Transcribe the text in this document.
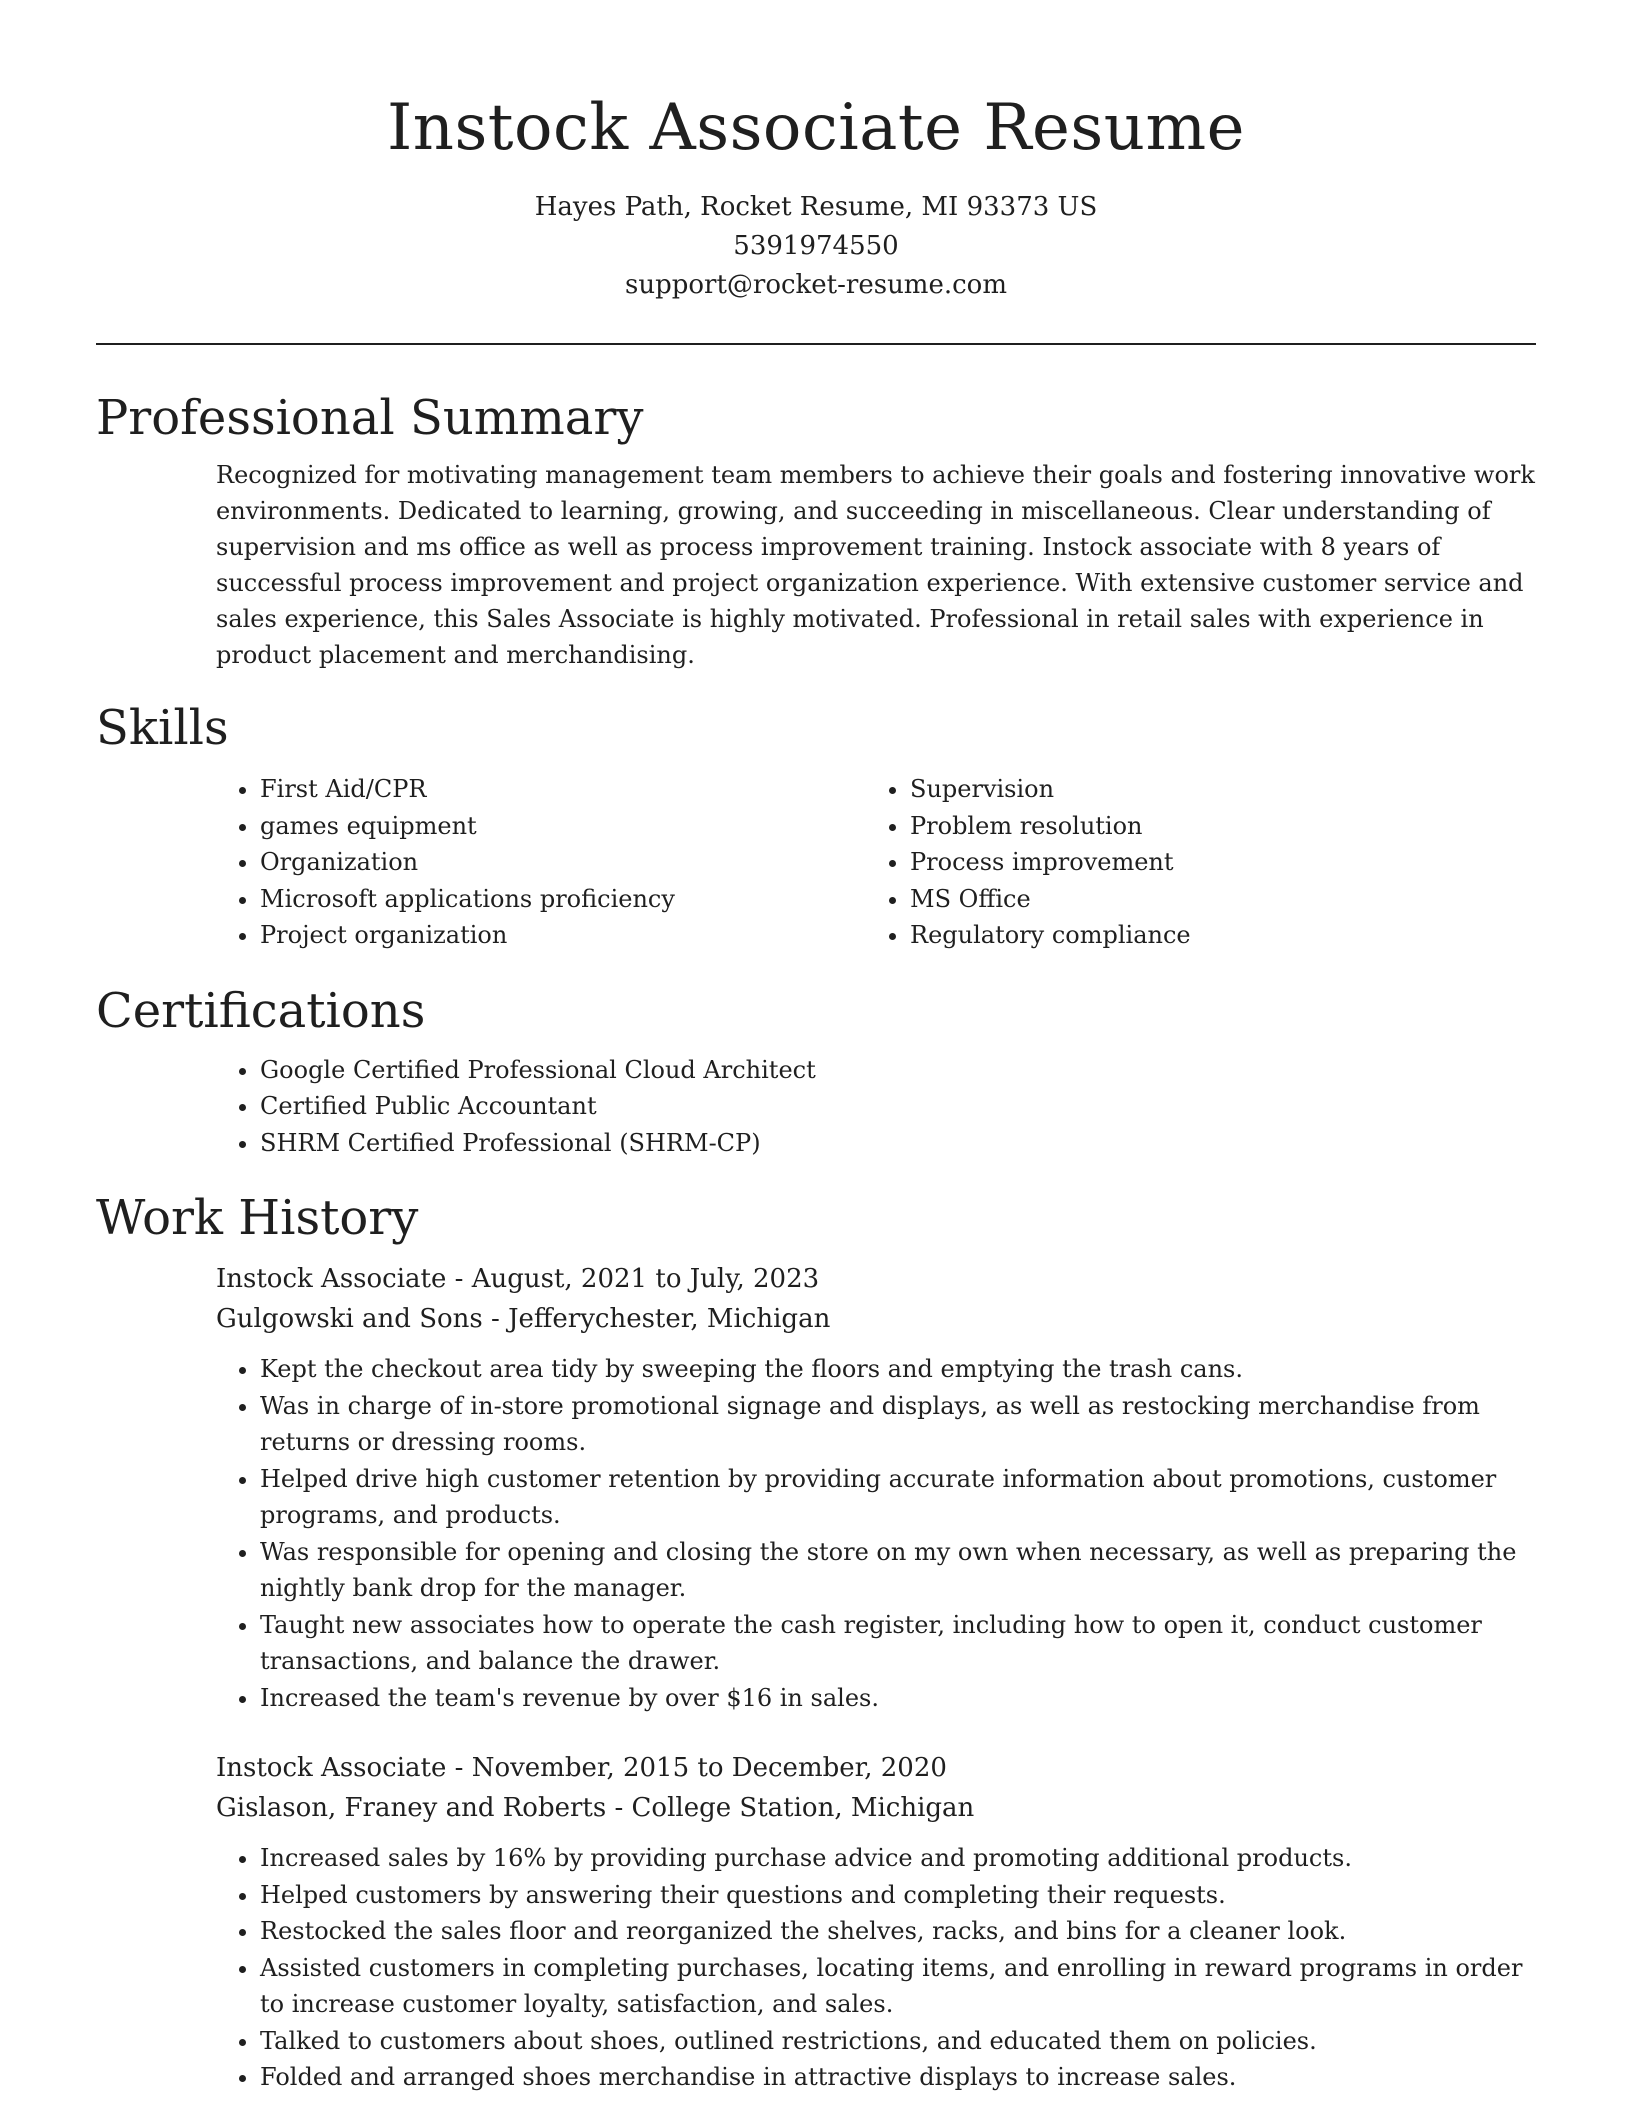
Instock Associate Resume
Hayes Path, Rocket Resume, MI 93373 US
5391974550
support@rocket-resume.com
Professional Summary
Recognized for motivating management team members to achieve their goals and fostering innovative work environments. Dedicated to learning, growing, and succeeding in miscellaneous. Clear understanding of supervision and ms office as well as process improvement training. Instock associate with 8 years of successful process improvement and project organization experience. With extensive customer service and sales experience, this Sales Associate is highly motivated. Professional in retail sales with experience in product placement and merchandising.
Skills
• First Aid/CPR
• games equipment
• Organization
• Microsoft applications proficiency
• Project organization
• Supervision
• Problem resolution
• Process improvement
• MS Office
• Regulatory compliance
Certifications
• Google Certified Professional Cloud Architect
• Certified Public Accountant
• SHRM Certified Professional (SHRM-CP)
Work History
Instock Associate - August, 2021 to July, 2023
Gulgowski and Sons - Jefferychester, Michigan
• Kept the checkout area tidy by sweeping the floors and emptying the trash cans.
• Was in charge of in-store promotional signage and displays, as well as restocking merchandise from returns or dressing rooms.
• Helped drive high customer retention by providing accurate information about promotions, customer programs, and products.
• Was responsible for opening and closing the store on my own when necessary, as well as preparing the nightly bank drop for the manager.
• Taught new associates how to operate the cash register, including how to open it, conduct customer transactions, and balance the drawer.
• Increased the team's revenue by over $16 in sales.
Instock Associate - November, 2015 to December, 2020
Gislason, Franey and Roberts - College Station, Michigan
• Increased sales by 16% by providing purchase advice and promoting additional products.
• Helped customers by answering their questions and completing their requests.
• Restocked the sales floor and reorganized the shelves, racks, and bins for a cleaner look.
• Assisted customers in completing purchases, locating items, and enrolling in reward programs in order to increase customer loyalty, satisfaction, and sales.
• Talked to customers about shoes, outlined restrictions, and educated them on policies.
• Folded and arranged shoes merchandise in attractive displays to increase sales.
